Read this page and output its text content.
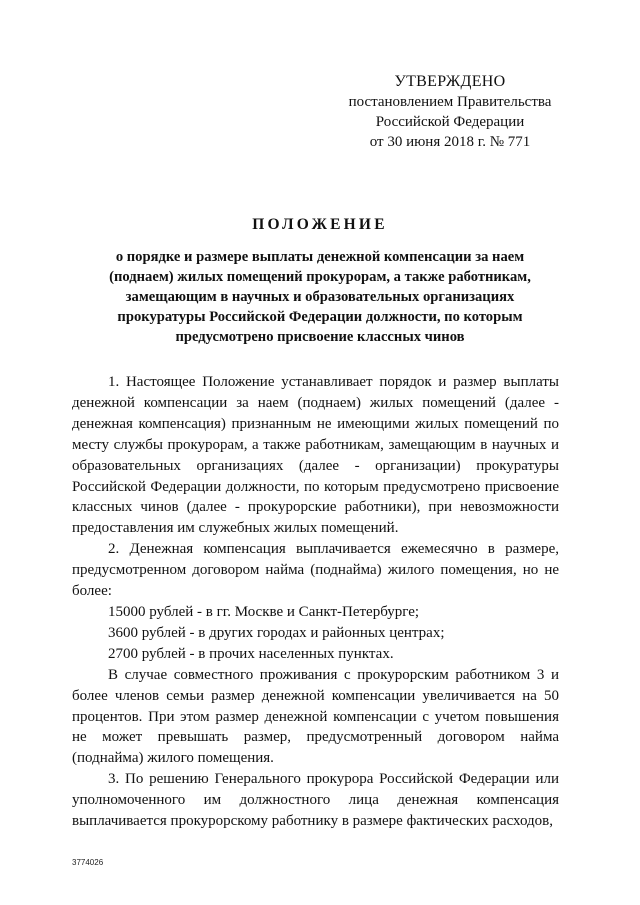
УТВЕРЖДЕНО
постановлением Правительства
Российской Федерации
от 30 июня 2018 г. № 771
ПОЛОЖЕНИЕ
о порядке и размере выплаты денежной компенсации за наем
(поднаем) жилых помещений прокурорам, а также работникам,
замещающим в научных и образовательных организациях
прокуратуры Российской Федерации должности, по которым
предусмотрено присвоение классных чинов

1. Настоящее Положение устанавливает порядок и размер выплаты денежной компенсации за наем (поднаем) жилых помещений (далее - денежная компенсация) признанным не имеющими жилых помещений по месту службы прокурорам, а также работникам, замещающим в научных и образовательных организациях (далее - организации) прокуратуры Российской Федерации должности, по которым предусмотрено присвоение классных чинов (далее - прокурорские работники), при невозможности предоставления им служебных жилых помещений.

2. Денежная компенсация выплачивается ежемесячно в размере, предусмотренном договором найма (поднайма) жилого помещения, но не более:

15000 рублей - в гг. Москве и Санкт-Петербурге;

3600 рублей - в других городах и районных центрах;

2700 рублей - в прочих населенных пунктах.

В случае совместного проживания с прокурорским работником 3 и более членов семьи размер денежной компенсации увеличивается на 50 процентов. При этом размер денежной компенсации с учетом повышения не может превышать размер, предусмотренный договором найма (поднайма) жилого помещения.

3. По решению Генерального прокурора Российской Федерации или уполномоченного им должностного лица денежная компенсация выплачивается прокурорскому работнику в размере фактических расходов,

3774026
